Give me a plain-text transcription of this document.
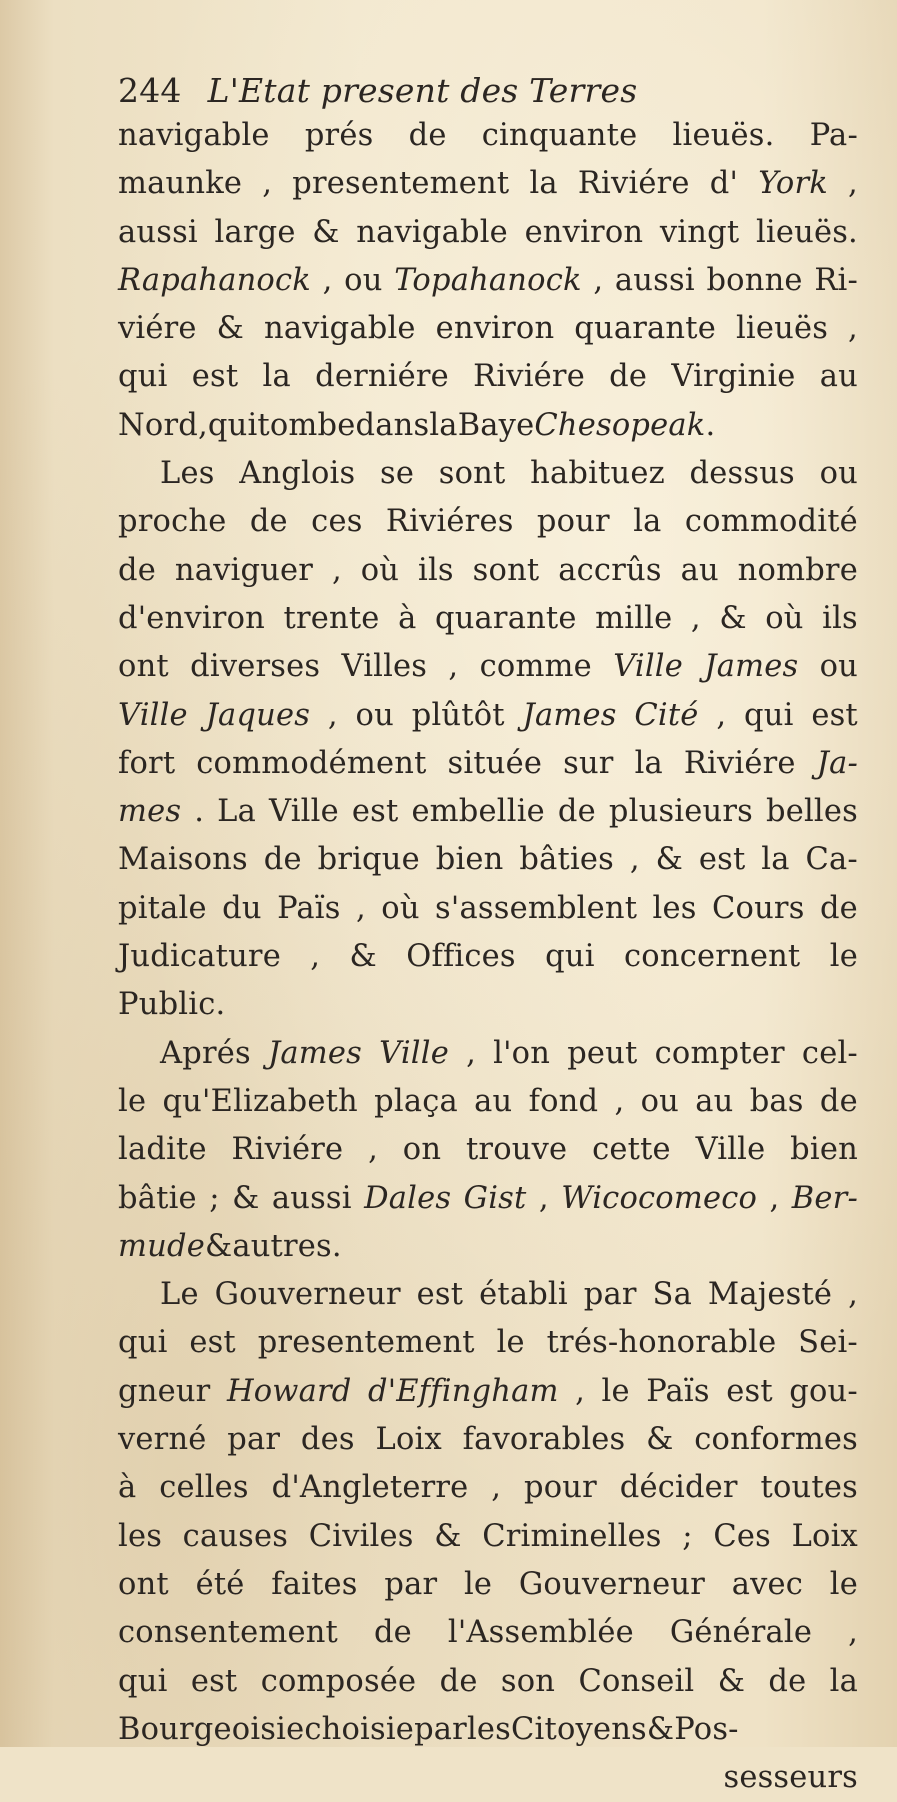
244 L'Etat present des Terres
navigable prés de cinquante lieuës. Pa-
maunke , presentement la Riviére d' York ,
aussi large & navigable environ vingt lieuës.
Rapahanock , ou Topahanock , aussi bonne Ri-
viére & navigable environ quarante lieuës ,
qui est la derniére Riviére de Virginie au
Nord , qui tombe dans la Baye Chesopeak .
Les Anglois se sont habituez dessus ou
proche de ces Riviéres pour la commodité
de naviguer , où ils sont accrûs au nombre
d'environ trente à quarante mille , & où ils
ont diverses Villes , comme Ville James ou
Ville Jaques , ou plûtôt James Cité , qui est
fort commodément située sur la Riviére Ja-
mes . La Ville est embellie de plusieurs belles
Maisons de brique bien bâties , & est la Ca-
pitale du Païs , où s'assemblent les Cours de
Judicature , & Offices qui concernent le
Public.
Aprés James Ville , l'on peut compter cel-
le qu'Elizabeth plaça au fond , ou au bas de
ladite Riviére , on trouve cette Ville bien
bâtie ; & aussi Dales Gist , Wicocomeco , Ber-
mude & autres.
Le Gouverneur est établi par Sa Majesté ,
qui est presentement le trés-honorable Sei-
gneur Howard d'Effingham , le Païs est gou-
verné par des Loix favorables & conformes
à celles d'Angleterre , pour décider toutes
les causes Civiles & Criminelles ; Ces Loix
ont été faites par le Gouverneur avec le
consentement de l'Assemblée Générale ,
qui est composée de son Conseil & de la
Bourgeoisie choisie par les Citoyens & Pos-
sesseurs
